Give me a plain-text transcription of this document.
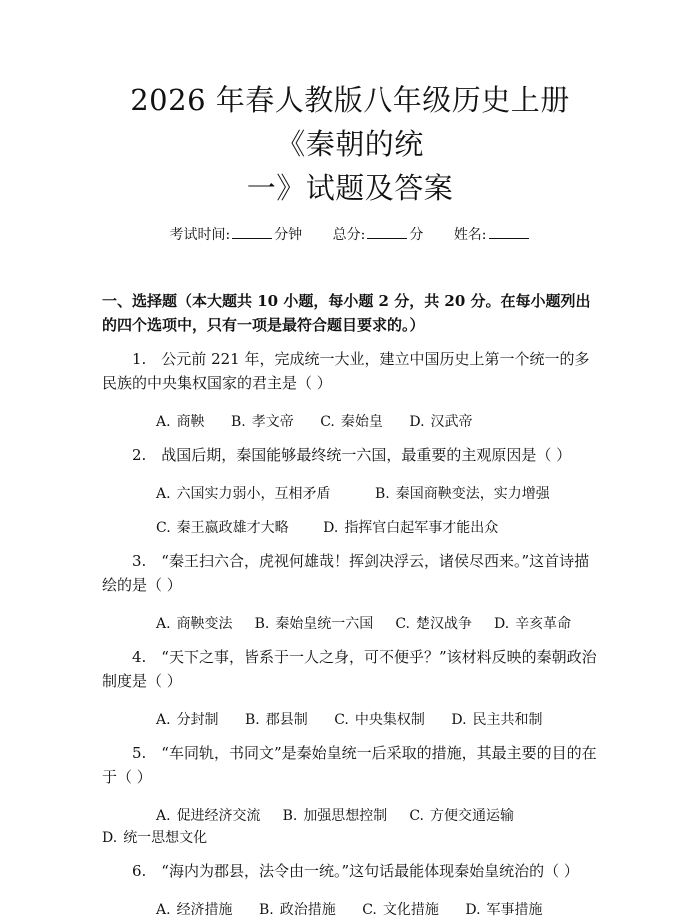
2026 年春人教版八年级历史上册《秦朝的统
一》试题及答案
考试时间:	分钟 总分:	分 姓名:
一、选择题（本大题共 10 小题，每小题 2 分，共 20 分。在每小题列出的四个选项中，只有一项是最符合题目要求的。）
1.　公元前 221 年，完成统一大业，建立中国历史上第一个统一的多民族的中央集权国家的君主是（ ）
A. 商鞅 B. 孝文帝 C. 秦始皇 D. 汉武帝
2.　战国后期，秦国能够最终统一六国，最重要的主观原因是（ ）
A. 六国实力弱小，互相矛盾	B. 秦国商鞅变法，实力增强
C. 秦王嬴政雄才大略 D. 指挥官白起军事才能出众
3.　“秦王扫六合，虎视何雄哉！挥剑决浮云，诸侯尽西来。”这首诗描绘的是（ ）
A. 商鞅变法 B. 秦始皇统一六国 C. 楚汉战争 D. 辛亥革命
4.　“天下之事，皆系于一人之身，可不便乎？”该材料反映的秦朝政治制度是（ ）
A. 分封制 B. 郡县制 C. 中央集权制 D. 民主共和制
5.　“车同轨，书同文”是秦始皇统一后采取的措施，其最主要的目的在于（ ）
A. 促进经济交流 B. 加强思想控制 C. 方便交通运输D. 统一思想文化
6.　“海内为郡县，法令由一统。”这句话最能体现秦始皇统治的（ ）
A. 经济措施 B. 政治措施 C. 文化措施 D. 军事措施
